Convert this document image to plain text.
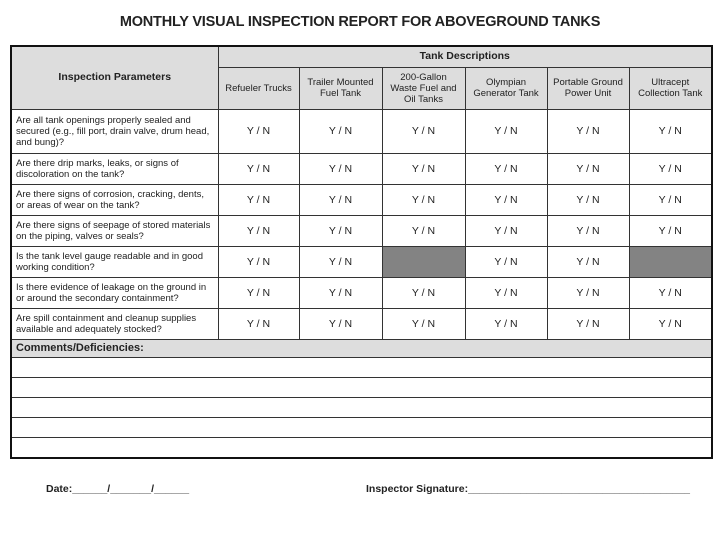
MONTHLY VISUAL INSPECTION REPORT FOR ABOVEGROUND TANKS
Inspection Parameters	Tank Descriptions					
	Refueler Trucks	Trailer Mounted Fuel Tank	200-Gallon Waste Fuel and Oil Tanks	Olympian Generator Tank	Portable Ground Power Unit	Ultracept Collection Tank
Are all tank openings properly sealed and secured (e.g., fill port, drain valve, drum head, and bung)?	Y / N	Y / N	Y / N	Y / N	Y / N	Y / N
Are there drip marks, leaks, or signs of discoloration on the tank?	Y / N	Y / N	Y / N	Y / N	Y / N	Y / N
Are there signs of corrosion, cracking, dents, or areas of wear on the tank?	Y / N	Y / N	Y / N	Y / N	Y / N	Y / N
Are there signs of seepage of stored materials on the piping, valves or seals?	Y / N	Y / N	Y / N	Y / N	Y / N	Y / N
Is the tank level gauge readable and in good working condition?	Y / N	Y / N		Y / N	Y / N	
Is there evidence of leakage on the ground in or around the secondary containment?	Y / N	Y / N	Y / N	Y / N	Y / N	Y / N
Are spill containment and cleanup supplies available and adequately stocked?	Y / N	Y / N	Y / N	Y / N	Y / N	Y / N
Comments/Deficiencies:						

Date:______/_______/______	Inspector Signature:______________________________________
